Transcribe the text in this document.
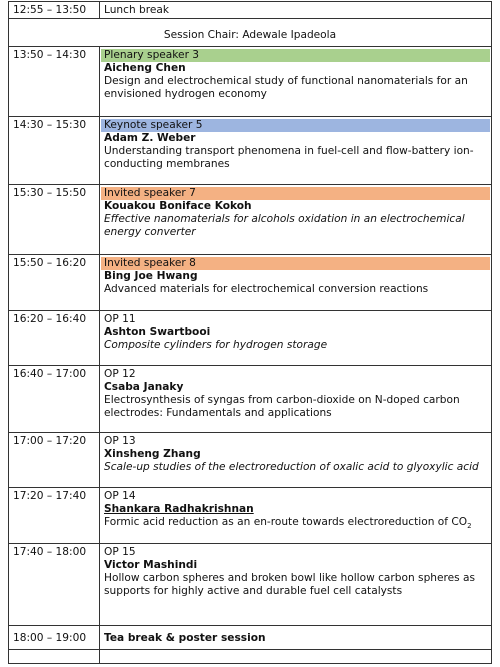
12:55 – 13:50	Lunch break

Session Chair: Adewale Ipadeola	
13:50 – 14:30	Plenary speaker 3
Aicheng Chen
Design and electrochemical study of functional nanomaterials for an envisioned hydrogen economy

14:30 – 15:30	Keynote speaker 5
Adam Z. Weber
Understanding transport phenomena in fuel-cell and flow-battery ion-conducting membranes

15:30 – 15:50	Invited speaker 7
Kouakou Boniface Kokoh
Effective nanomaterials for alcohols oxidation in an electrochemical energy converter

15:50 – 16:20	Invited speaker 8
Bing Joe Hwang
Advanced materials for electrochemical conversion reactions

16:20 – 16:40	OP 11
Ashton Swartbooi
Composite cylinders for hydrogen storage

16:40 – 17:00	OP 12
Csaba Janaky
Electrosynthesis of syngas from carbon-dioxide on N-doped carbon electrodes: Fundamentals and applications

17:00 – 17:20	OP 13
Xinsheng Zhang
Scale-up studies of the electroreduction of oxalic acid to glyoxylic acid

17:20 – 17:40	OP 14
Shankara Radhakrishnan
Formic acid reduction as an en-route towards electroreduction of $CO_2$

17:40 – 18:00	OP 15
Victor Mashindi
Hollow carbon spheres and broken bowl like hollow carbon spheres as supports for highly active and durable fuel cell catalysts

18:00 – 19:00	Tea break & poster session
